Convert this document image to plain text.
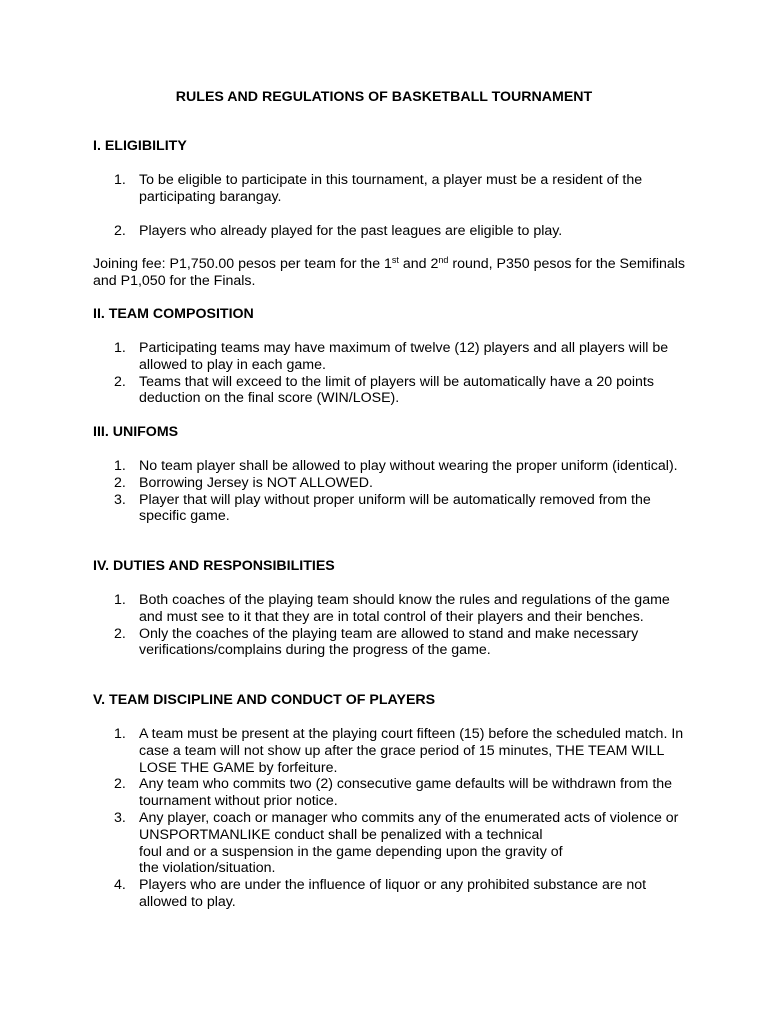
RULES AND REGULATIONS OF BASKETBALL TOURNAMENT
I. ELIGIBILITY
1. To be eligible to participate in this tournament, a player must be a resident of the participating barangay.
2. Players who already played for the past leagues are eligible to play.
Joining fee: P1,750.00 pesos per team for the 1st and 2nd round, P350 pesos for the Semifinals and P1,050 for the Finals.
II. TEAM COMPOSITION
1. Participating teams may have maximum of twelve (12) players and all players will be allowed to play in each game.
2. Teams that will exceed to the limit of players will be automatically have a 20 points deduction on the final score (WIN/LOSE).
III. UNIFOMS
1. No team player shall be allowed to play without wearing the proper uniform (identical).
2. Borrowing Jersey is NOT ALLOWED.
3. Player that will play without proper uniform will be automatically removed from the specific game.
IV. DUTIES AND RESPONSIBILITIES
1. Both coaches of the playing team should know the rules and regulations of the game and must see to it that they are in total control of their players and their benches.
2. Only the coaches of the playing team are allowed to stand and make necessary verifications/complains during the progress of the game.
V. TEAM DISCIPLINE AND CONDUCT OF PLAYERS
1. A team must be present at the playing court fifteen (15) before the scheduled match. In case a team will not show up after the grace period of 15 minutes, THE TEAM WILL LOSE THE GAME by forfeiture.
2. Any team who commits two (2) consecutive game defaults will be withdrawn from the tournament without prior notice.
3. Any player, coach or manager who commits any of the enumerated acts of violence or UNSPORTMANLIKE conduct shall be penalized with a technical
foul and or a suspension in the game depending upon the gravity of
the violation/situation.
4. Players who are under the influence of liquor or any prohibited substance are not allowed to play.
